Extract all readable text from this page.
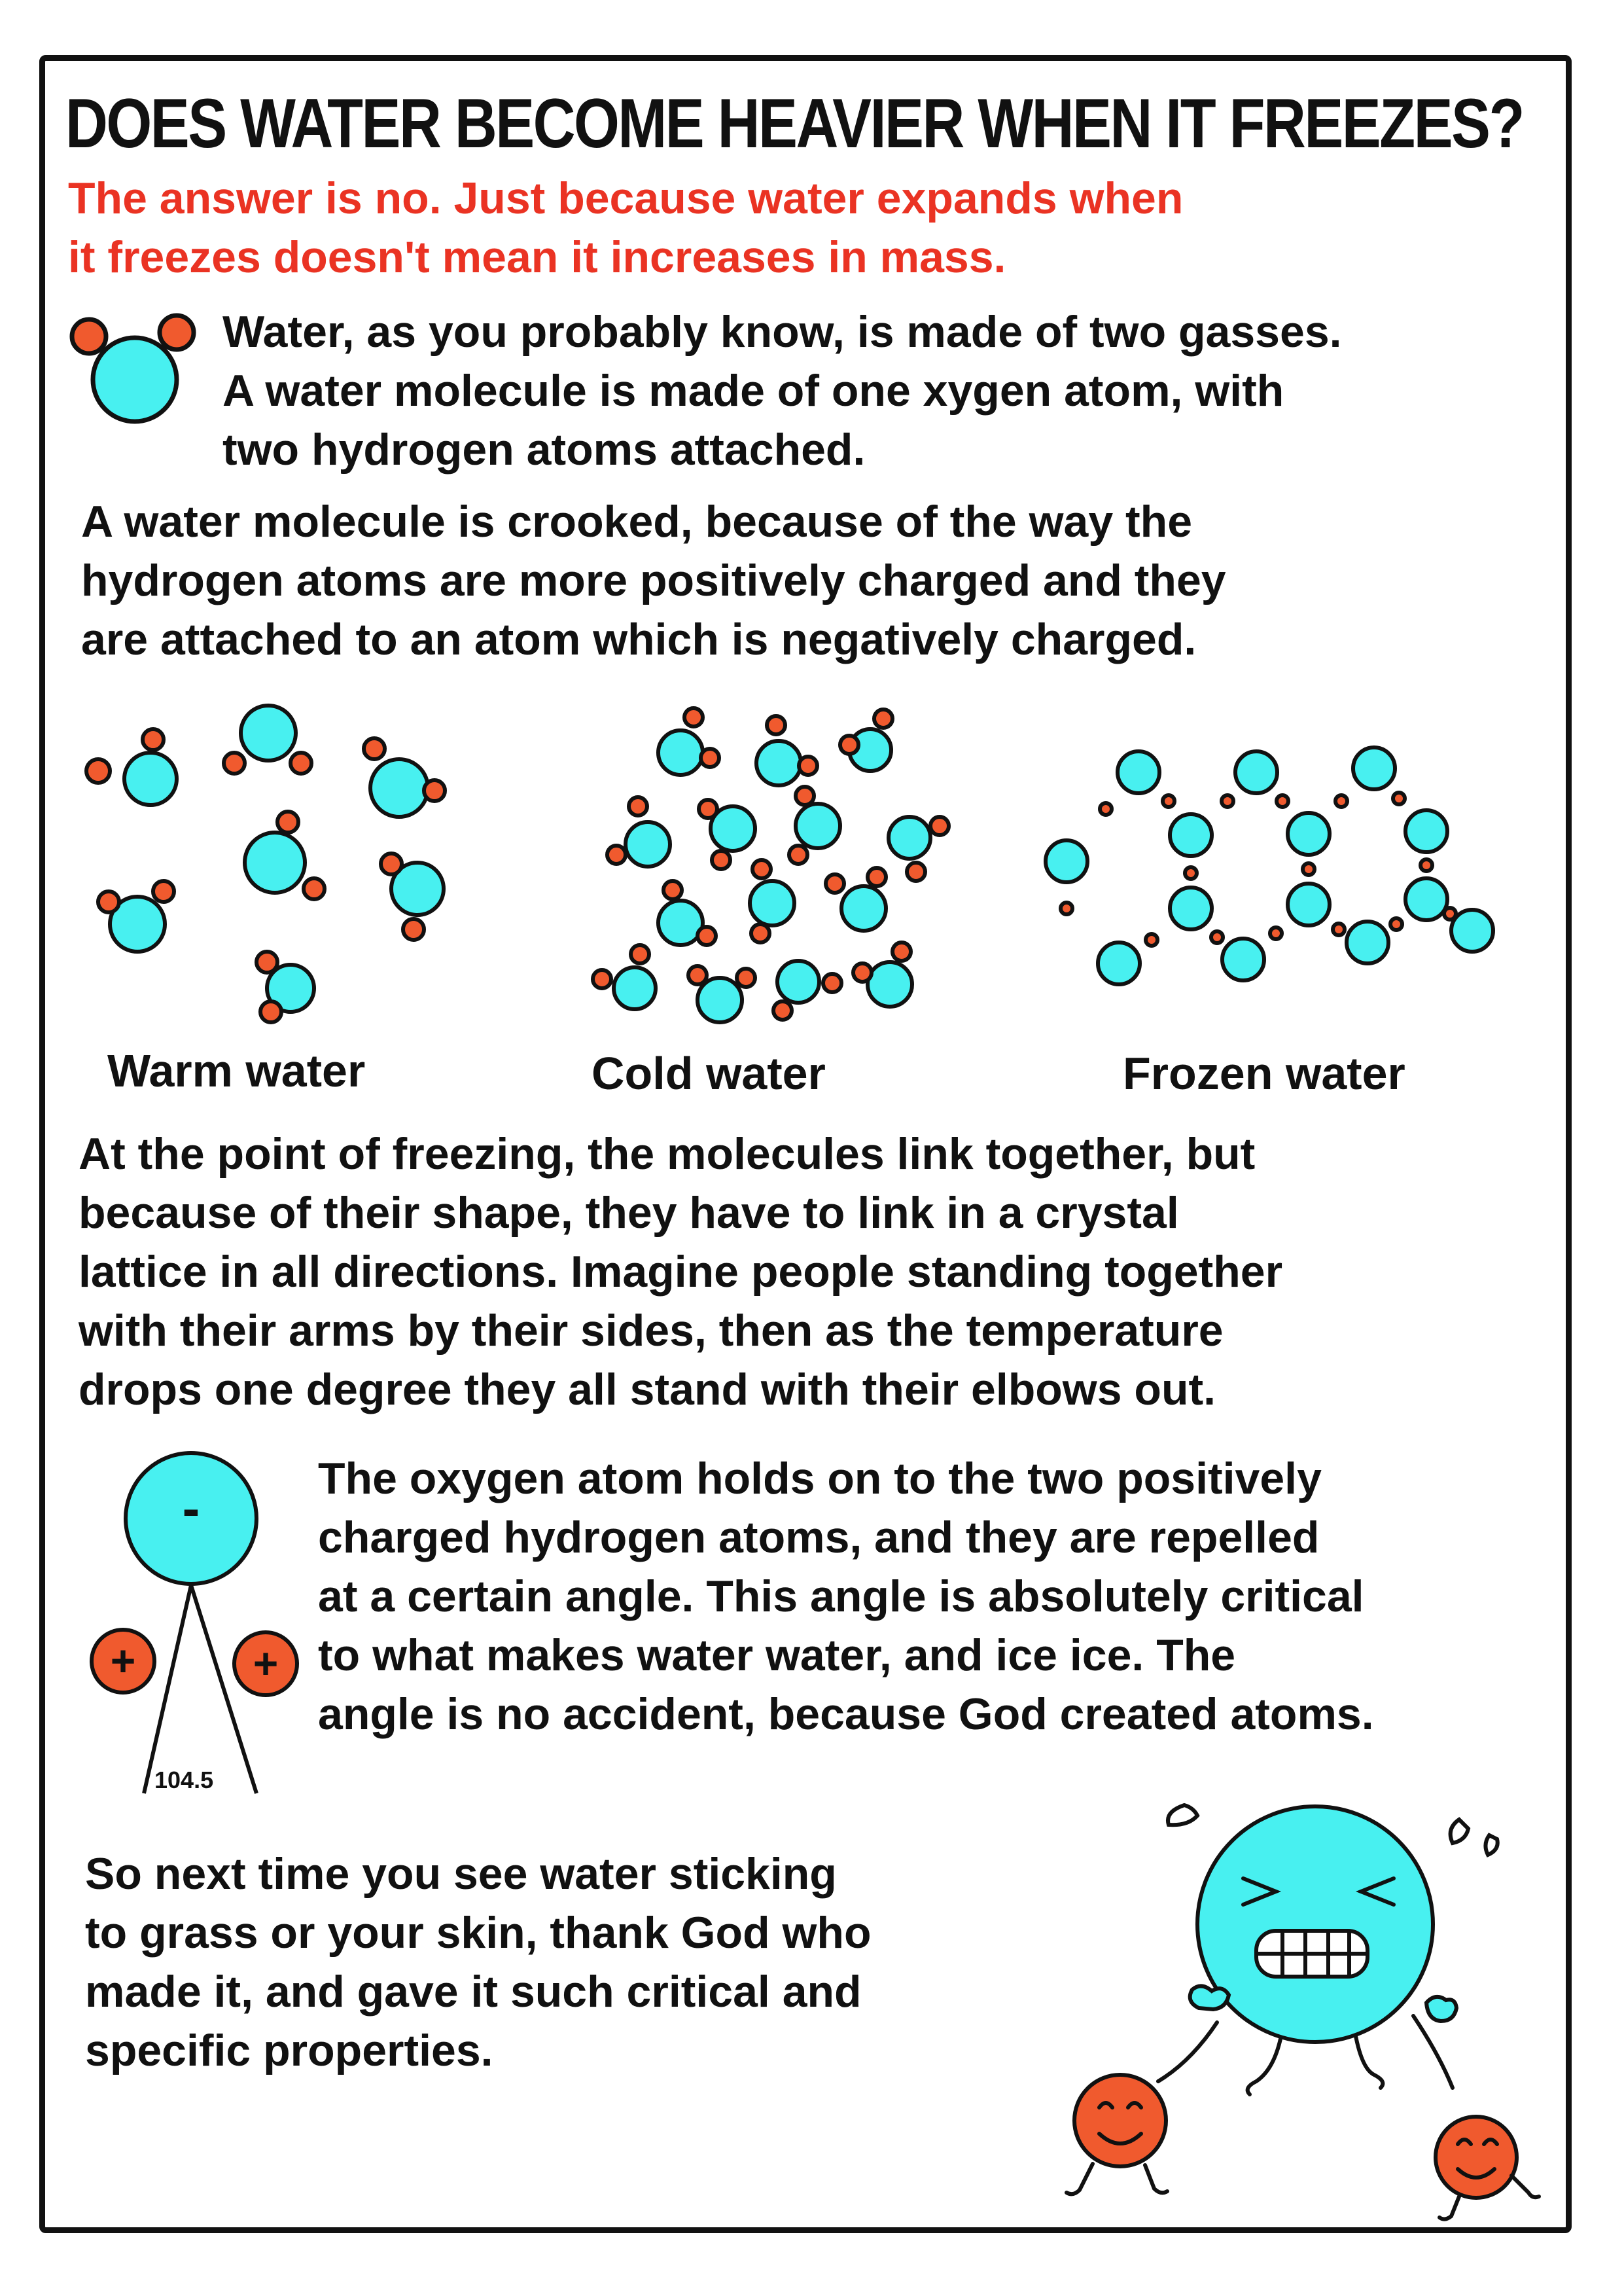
DOES WATER BECOME HEAVIER WHEN IT FREEZES?
The answer is no. Just because water expands when
it freezes doesn't mean it increases in mass.
Water, as you probably know, is made of two gasses.
A water molecule is made of one xygen atom, with
two hydrogen atoms attached.
A water molecule is crooked, because of the way the
hydrogen atoms are more positively charged and they
are attached to an atom which is negatively charged.
Warm water	Cold water	Frozen water
At the point of freezing, the molecules link together, but
because of their shape, they have to link in a crystal
lattice in all directions. Imagine people standing together
with their arms by their sides, then as the temperature
drops one degree they all stand with their elbows out.
-
+	+
104.5
The oxygen atom holds on to the two positively
charged hydrogen atoms, and they are repelled
at a certain angle. This angle is absolutely critical
to what makes water water, and ice ice. The
angle is no accident, because God created atoms.
So next time you see water sticking
to grass or your skin, thank God who
made it, and gave it such critical and
specific properties.
